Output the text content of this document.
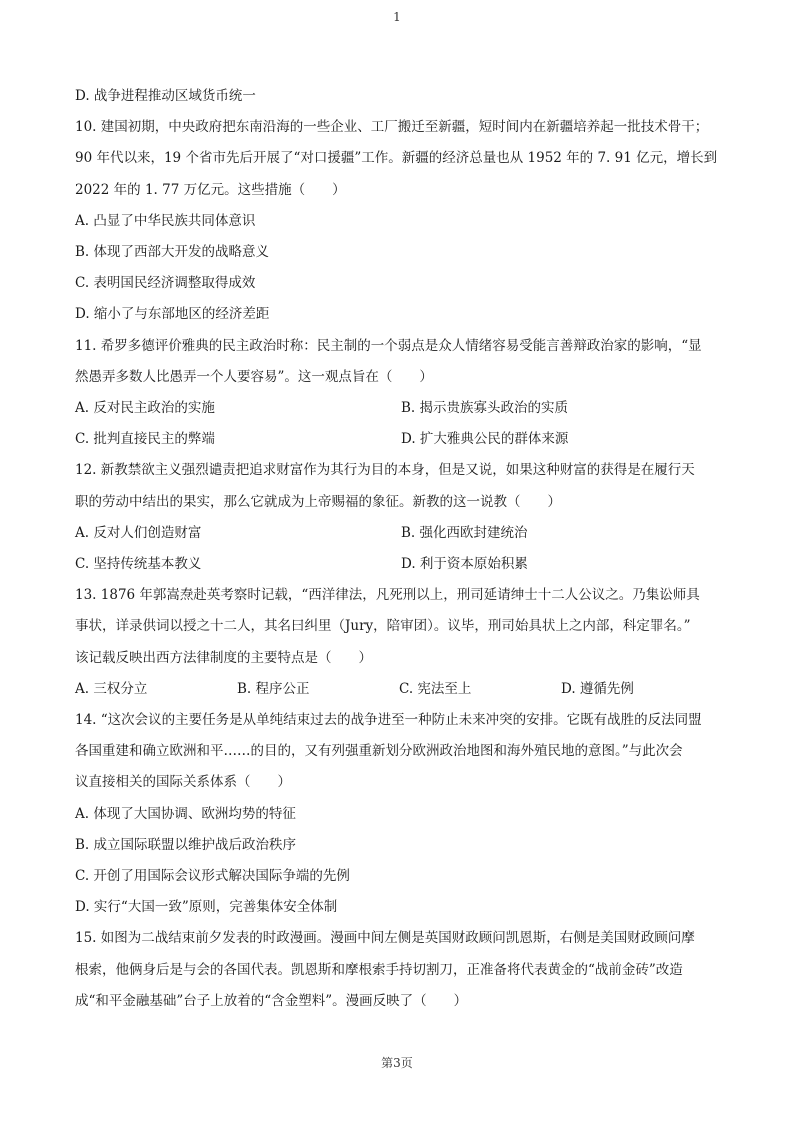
1
D. 战争进程推动区域货币统一
10. 建国初期，中央政府把东南沿海的一些企业、工厂搬迁至新疆，短时间内在新疆培养起一批技术骨干；
90 年代以来，19 个省市先后开展了“对口援疆”工作。新疆的经济总量也从 1952 年的 7. 91 亿元，增长到
2022 年的 1. 77 万亿元。这些措施（　　）
A. 凸显了中华民族共同体意识
B. 体现了西部大开发的战略意义
C. 表明国民经济调整取得成效
D. 缩小了与东部地区的经济差距
11. 希罗多德评价雅典的民主政治时称：民主制的一个弱点是众人情绪容易受能言善辩政治家的影响，“显
然愚弄多数人比愚弄一个人要容易”。这一观点旨在（　　）
A. 反对民主政治的实施	B. 揭示贵族寡头政治的实质
C. 批判直接民主的弊端	D. 扩大雅典公民的群体来源
12. 新教禁欲主义强烈谴责把追求财富作为其行为目的本身，但是又说，如果这种财富的获得是在履行天
职的劳动中结出的果实，那么它就成为上帝赐福的象征。新教的这一说教（　　）
A. 反对人们创造财富	B. 强化西欧封建统治
C. 坚持传统基本教义	D. 利于资本原始积累
13. 1876 年郭嵩焘赴英考察时记载，“西洋律法，凡死刑以上，刑司延请绅士十二人公议之。乃集讼师具
事状，详录供词以授之十二人，其名曰纠里（Jury，陪审团）。议毕，刑司始具状上之内部，科定罪名。”
该记载反映出西方法律制度的主要特点是（　　）
A. 三权分立	B. 程序公正	C. 宪法至上	D. 遵循先例
14. “这次会议的主要任务是从单纯结束过去的战争进至一种防止未来冲突的安排。它既有战胜的反法同盟
各国重建和确立欧洲和平……的目的，又有列强重新划分欧洲政治地图和海外殖民地的意图。”与此次会
议直接相关的国际关系体系（　　）
A. 体现了大国协调、欧洲均势的特征
B. 成立国际联盟以维护战后政治秩序
C. 开创了用国际会议形式解决国际争端的先例
D. 实行“大国一致”原则，完善集体安全体制
15. 如图为二战结束前夕发表的时政漫画。漫画中间左侧是英国财政顾问凯恩斯，右侧是美国财政顾问摩
根索，他俩身后是与会的各国代表。凯恩斯和摩根索手持切割刀，正准备将代表黄金的“战前金砖”改造
成“和平金融基础”台子上放着的“含金塑料”。漫画反映了（　　）
第3页
